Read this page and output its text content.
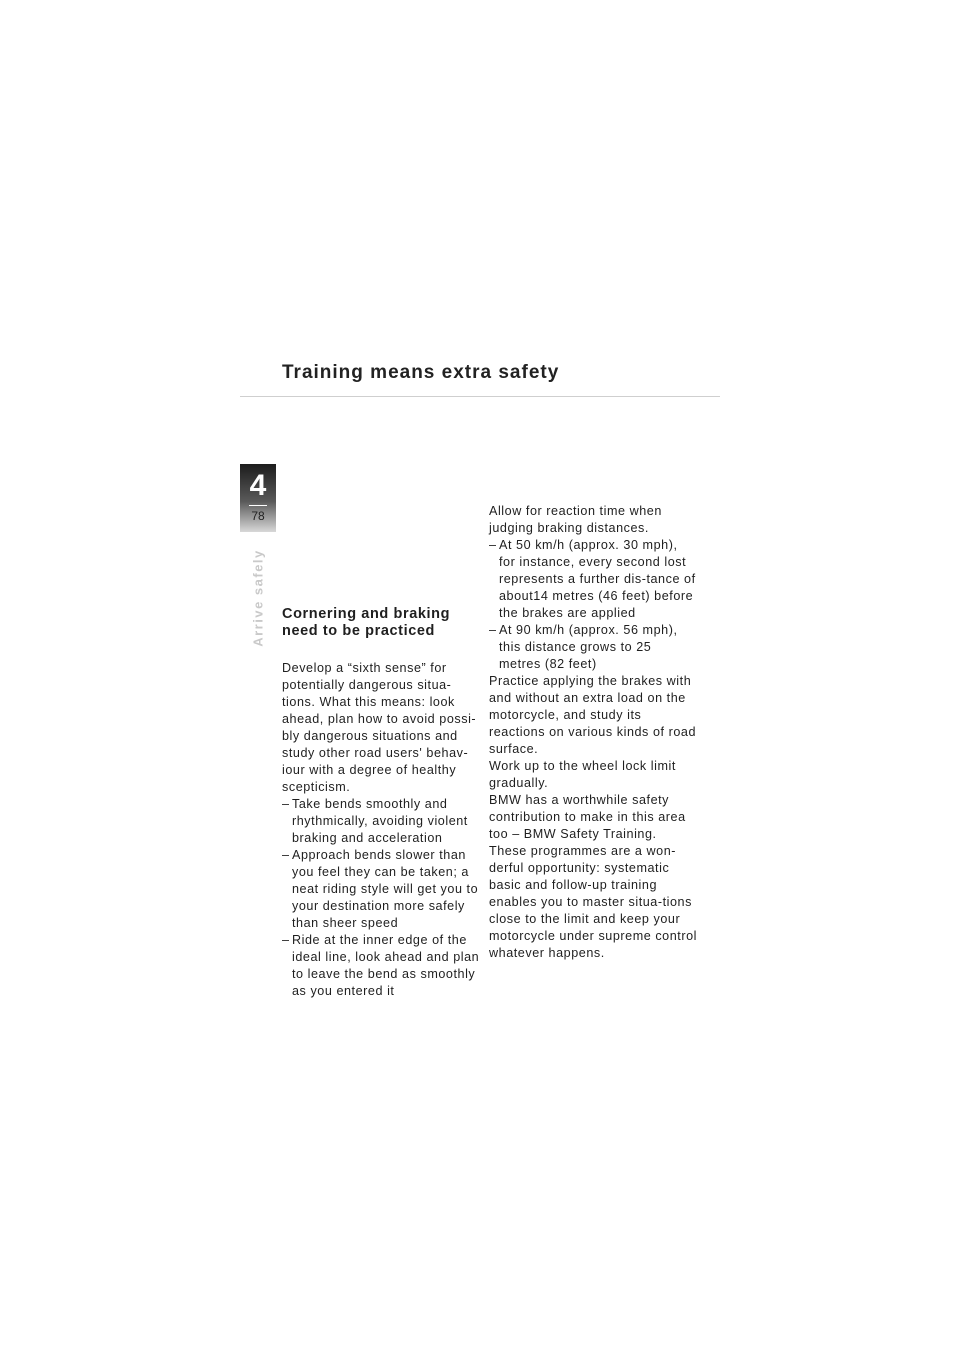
Training means extra safety
4
78
Arrive safely Cornering and braking need to be practiced

Develop a “sixth sense” for potentially dangerous situa-tions. What this means: look ahead, plan how to avoid possi-bly dangerous situations and study other road users' behav-iour with a degree of healthy scepticism.

– Take bends smoothly and rhythmically, avoiding violent braking and acceleration
– Approach bends slower than you feel they can be taken; a neat riding style will get you to your destination more safely than sheer speed
– Ride at the inner edge of the ideal line, look ahead and plan to leave the bend as smoothly as you entered it

Allow for reaction time when judging braking distances.

– At 50 km/h (approx. 30 mph), for instance, every second lost represents a further dis-tance of about14 metres (46 feet) before the brakes are applied
– At 90 km/h (approx. 56 mph), this distance grows to 25 metres (82 feet)

Practice applying the brakes with and without an extra load on the motorcycle, and study its reactions on various kinds of road surface.

Work up to the wheel lock limit gradually.

BMW has a worthwhile safety contribution to make in this area too – BMW Safety Training. These programmes are a won-derful opportunity: systematic basic and follow-up training enables you to master situa-tions close to the limit and keep your motorcycle under supreme control whatever happens.
